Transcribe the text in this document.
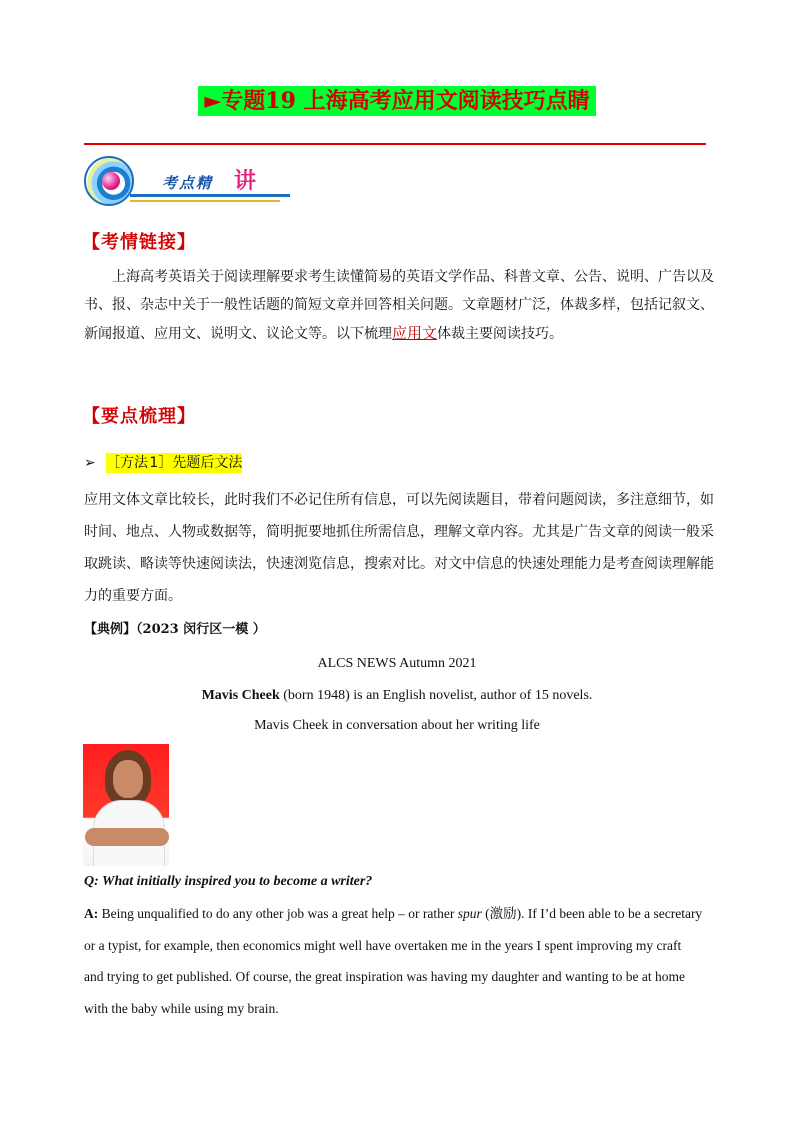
►专题19 上海高考应用文阅读技巧点睛
考点精 讲
【考情链接】

上海高考英语关于阅读理解要求考生读懂简易的英语文学作品、科普文章、公告、说明、广告以及书、报、杂志中关于一般性话题的简短文章并回答相关问题。文章题材广泛，体裁多样，包括记叙文、新闻报道、应用文、说明文、议论文等。以下梳理应用文体裁主要阅读技巧。

【要点梳理】
➢ ［方法 1］先题后文法

应用文体文章比较长，此时我们不必记住所有信息，可以先阅读题目，带着问题阅读，多注意细节，如时间、地点、人物或数据等，简明扼要地抓住所需信息，理解文章内容。尤其是广告文章的阅读一般采取跳读、略读等快速阅读法，快速浏览信息，搜索对比。对文中信息的快速处理能力是考查阅读理解能力的重要方面。

【典例】（2023 闵行区一模 ）
ALCS NEWS Autumn 2021
Mavis Cheek (born 1948) is an English novelist, author of 15 novels.
Mavis Cheek in conversation about her writing life
Q: What initially inspired you to become a writer?

A: Being unqualified to do any other job was a great help – or rather spur (激励). If I’d been able to be a secretary or a typist, for example, then economics might well have overtaken me in the years I spent improving my craft and trying to get published. Of course, the great inspiration was having my daughter and wanting to be at home with the baby while using my brain.
